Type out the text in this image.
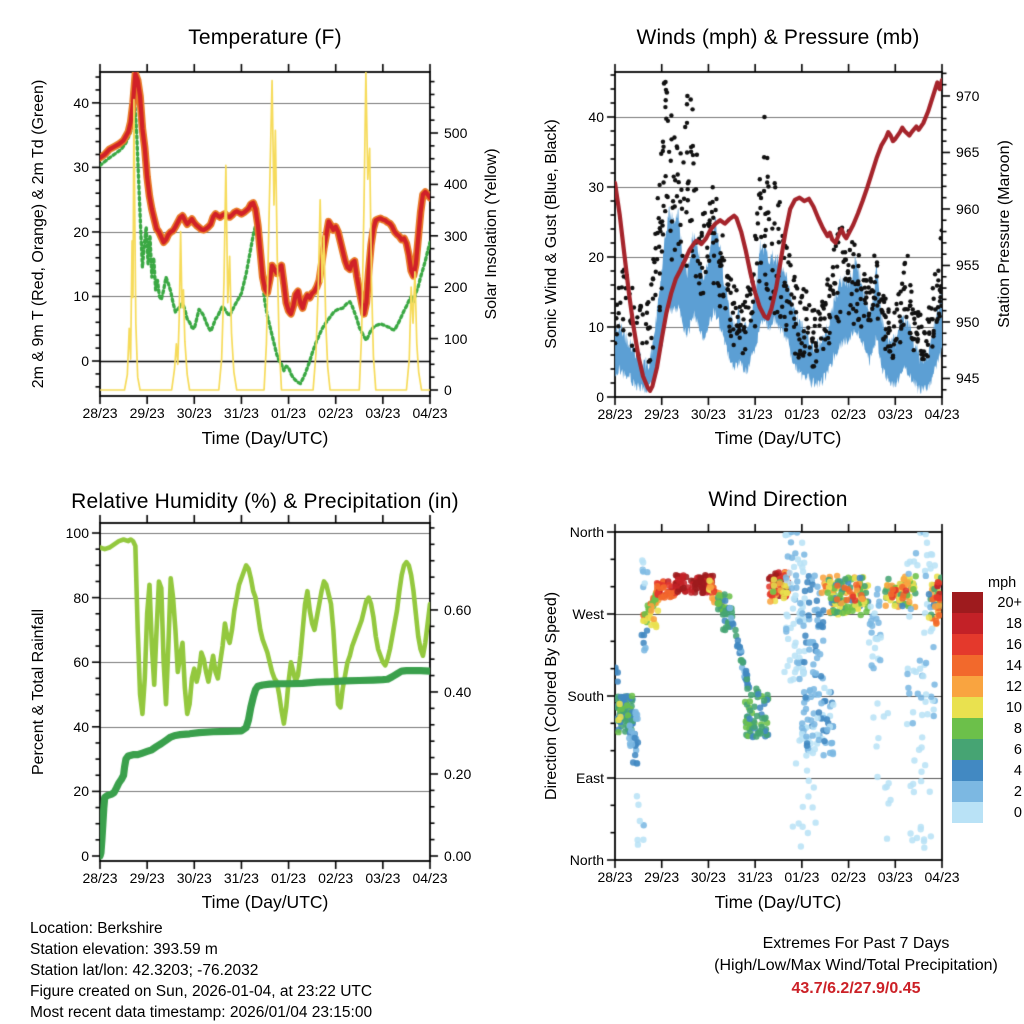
Temperature (F)	Winds (mph) & Pressure (mb)
Relative Humidity (%) & Precipitation (in)	Wind Direction
Time (Day/UTC)	Time (Day/UTC)
Time (Day/UTC)	Time (Day/UTC)
2m & 9m T (Red, Orange) & 2m Td (Green)	Solar Insolation (Yellow)	Sonic Wind & Gust (Blue, Black)	Station Pressure (Maroon)
Percent & Total Rainfall	Direction (Colored By Speed)
mph
Location: Berkshire
Station elevation: 393.59 m
Station lat/lon: 42.3203; -76.2032
Figure created on Sun, 2026-01-04, at 23:22 UTC
Most recent data timestamp: 2026/01/04 23:15:00
Extremes For Past 7 Days
(High/Low/Max Wind/Total Precipitation)
43.7/6.2/27.9/0.45
28/23 29/23 30/23 31/23 01/23 02/23 03/23 04/23
0
10
20
30
40
0
100
200
300
400
500
28/23 29/23 30/23 31/23 01/23 02/23 03/23 04/23
0
10
20
30
40
945
950
955
960
965
970
28/23 29/23 30/23 31/23 01/23 02/23 03/23 04/23
0
20
40
60
80
100
0.00
0.20
0.40
0.60
28/23 29/23 30/23 31/23 01/23 02/23 03/23 04/23
North
West
South
East
North
20+
18
16
14
12
10
8
6
4
2
0
